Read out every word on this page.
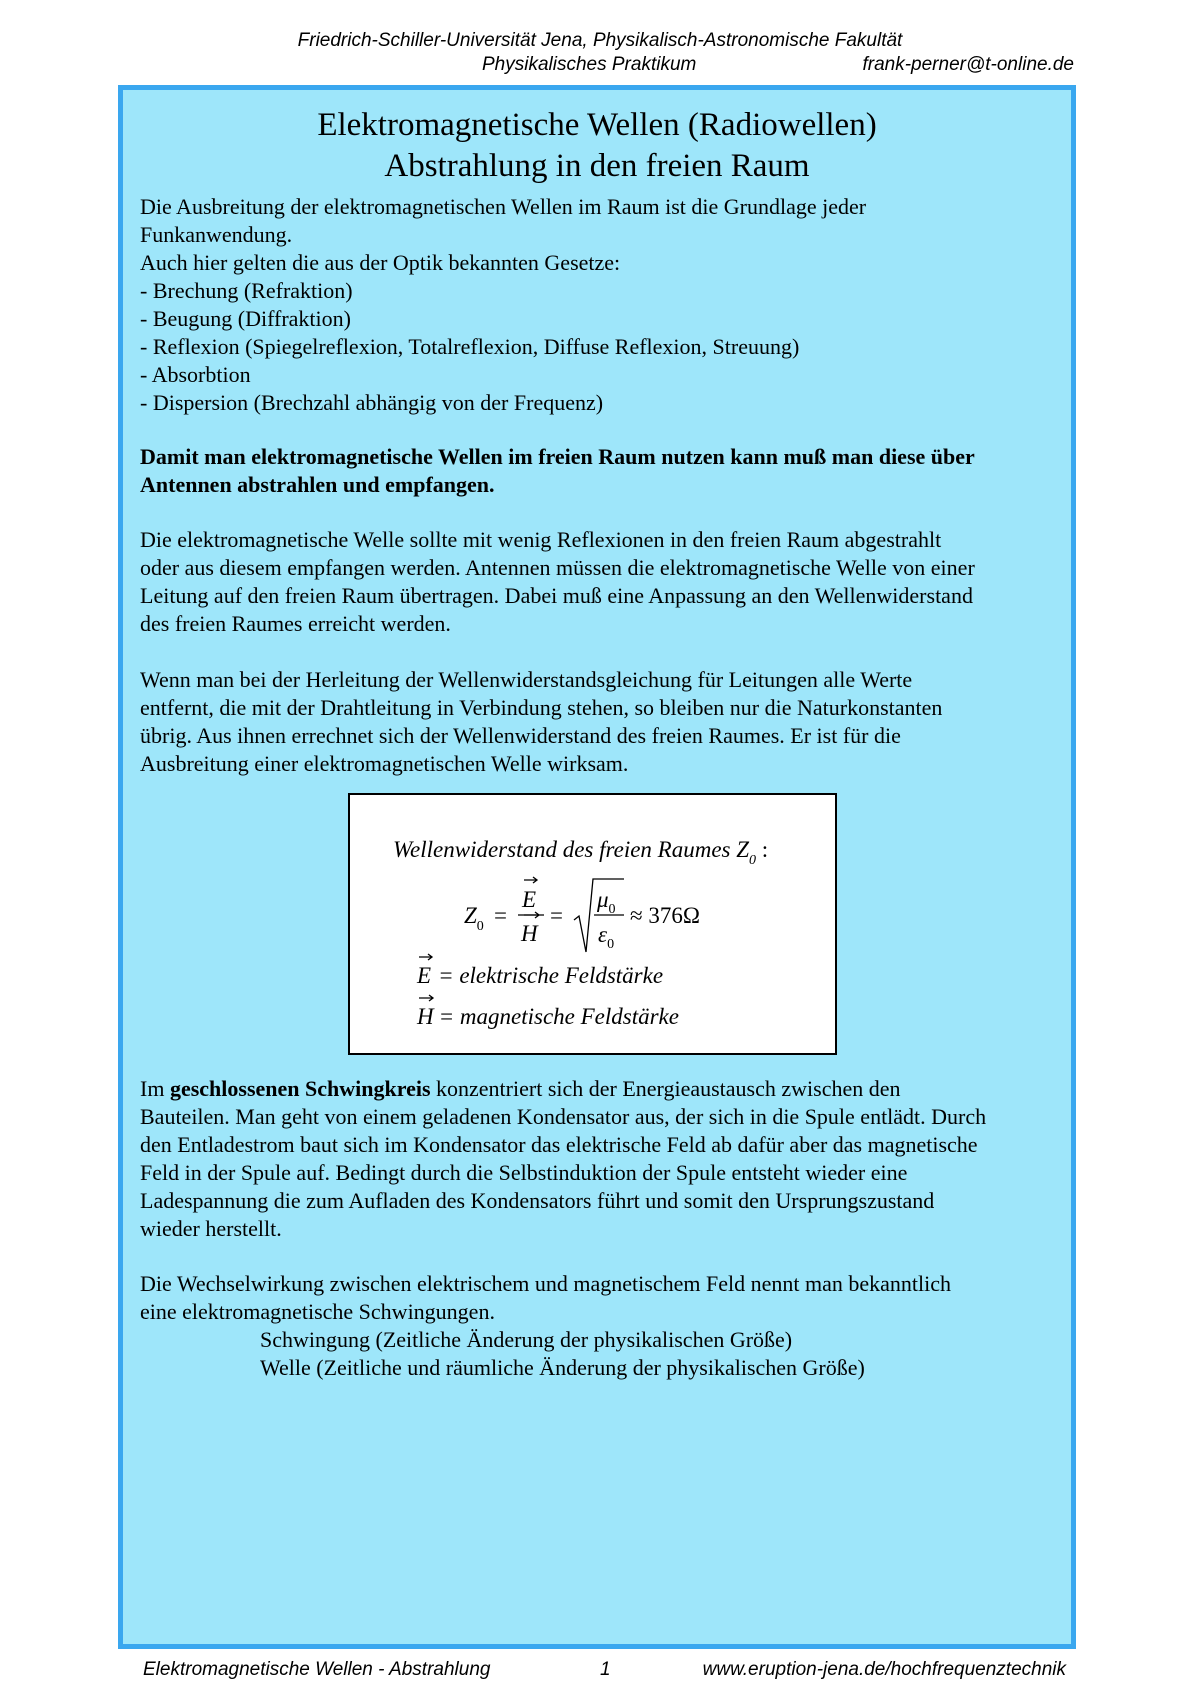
Friedrich-Schiller-Universität Jena, Physikalisch-Astronomische Fakultät
Physikalisches Praktikum	frank-perner@t-online.de
Elektromagnetische Wellen (Radiowellen)
Abstrahlung in den freien Raum
Die Ausbreitung der elektromagnetischen Wellen im Raum ist die Grundlage jeder
Funkanwendung.
Auch hier gelten die aus der Optik bekannten Gesetze:
- Brechung (Refraktion)
- Beugung (Diffraktion)
- Reflexion (Spiegelreflexion, Totalreflexion, Diffuse Reflexion, Streuung)
- Absorbtion
- Dispersion (Brechzahl abhängig von der Frequenz)
Damit man elektromagnetische Wellen im freien Raum nutzen kann muß man diese über
Antennen abstrahlen und empfangen.
Die elektromagnetische Welle sollte mit wenig Reflexionen in den freien Raum abgestrahlt
oder aus diesem empfangen werden. Antennen müssen die elektromagnetische Welle von einer
Leitung auf den freien Raum übertragen. Dabei muß eine Anpassung an den Wellenwiderstand
des freien Raumes erreicht werden.
Wenn man bei der Herleitung der Wellenwiderstandsgleichung für Leitungen alle Werte
entfernt, die mit der Drahtleitung in Verbindung stehen, so bleiben nur die Naturkonstanten
übrig. Aus ihnen errechnet sich der Wellenwiderstand des freien Raumes. Er ist für die
Ausbreitung einer elektromagnetischen Welle wirksam.
Wellenwiderstand des freien Raumes $Z_0$ :
$Z_0$ =
E
H
=
$\mu_0$
$\varepsilon_0$
≈ 376Ω
E = elektrische Feldstärke
H = magnetische Feldstärke
Im geschlossenen Schwingkreis konzentriert sich der Energieaustausch zwischen den
Bauteilen. Man geht von einem geladenen Kondensator aus, der sich in die Spule entlädt. Durch
den Entladestrom baut sich im Kondensator das elektrische Feld ab dafür aber das magnetische
Feld in der Spule auf. Bedingt durch die Selbstinduktion der Spule entsteht wieder eine
Ladespannung die zum Aufladen des Kondensators führt und somit den Ursprungszustand
wieder herstellt.
Die Wechselwirkung zwischen elektrischem und magnetischem Feld nennt man bekanntlich
eine elektromagnetische Schwingungen.
Schwingung (Zeitliche Änderung der physikalischen Größe)
Welle (Zeitliche und räumliche Änderung der physikalischen Größe)
Elektromagnetische Wellen - Abstrahlung	1	www.eruption-jena.de/hochfrequenztechnik
